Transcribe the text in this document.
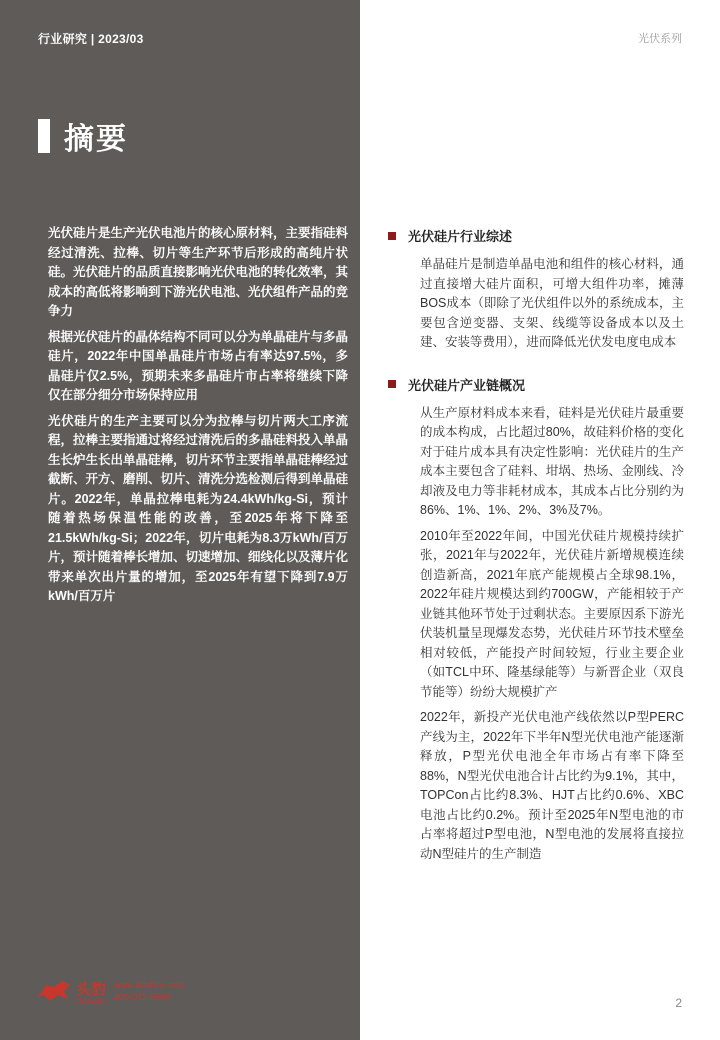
行业研究 | 2023/03	光伏系列
摘要

光伏硅片是生产光伏电池片的核心原材料，主要指硅料经过清洗、拉棒、切片等生产环节后形成的高纯片状硅。光伏硅片的品质直接影响光伏电池的转化效率，其成本的高低将影响到下游光伏电池、光伏组件产品的竞争力

根据光伏硅片的晶体结构不同可以分为单晶硅片与多晶硅片，2022年中国单晶硅片市场占有率达97.5%，多晶硅片仅2.5%，预期未来多晶硅片市占率将继续下降仅在部分细分市场保持应用

光伏硅片的生产主要可以分为拉棒与切片两大工序流程，拉棒主要指通过将经过清洗后的多晶硅料投入单晶生长炉生长出单晶硅棒，切片环节主要指单晶硅棒经过截断、开方、磨削、切片、清洗分选检测后得到单晶硅片。2022年，单晶拉棒电耗为24.4kWh/kg-Si，预计随着热场保温性能的改善，至2025年将下降至21.5kWh/kg-Si；2022年，切片电耗为8.3万kWh/百万片，预计随着棒长增加、切速增加、细线化以及薄片化带来单次出片量的增加，至2025年有望下降到7.9万kWh/百万片

光伏硅片行业综述

单晶硅片是制造单晶电池和组件的核心材料，通过直接增大硅片面积，可增大组件功率，摊薄BOS成本（即除了光伏组件以外的系统成本，主要包含逆变器、支架、线缆等设备成本以及土建、安装等费用），进而降低光伏发电度电成本

光伏硅片产业链概况

从生产原材料成本来看，硅料是光伏硅片最重要的成本构成，占比超过80%，故硅料价格的变化对于硅片成本具有决定性影响：光伏硅片的生产成本主要包含了硅料、坩埚、热场、金刚线、冷却液及电力等非耗材成本，其成本占比分别约为86%、1%、1%、2%、3%及7%。

2010年至2022年间，中国光伏硅片规模持续扩张，2021年与2022年，光伏硅片新增规模连续创造新高，2021年底产能规模占全球98.1%，2022年硅片规模达到约700GW，产能相较于产业链其他环节处于过剩状态。主要原因系下游光伏装机量呈现爆发态势，光伏硅片环节技术壁垒相对较低，产能投产时间较短，行业主要企业（如TCL中环、隆基绿能等）与新晋企业（双良节能等）纷纷大规模扩产

2022年，新投产光伏电池产线依然以P型PERC产线为主，2022年下半年N型光伏电池产能逐渐释放，P型光伏电池全年市场占有率下降至88%，N型光伏电池合计占比约为9.1%，其中，TOPCon占比约8.3%、HJT占比约0.6%、XBC电池占比约0.2%。预计至2025年N型电池的市占率将超过P型电池，N型电池的发展将直接拉动N型硅片的生产制造

头豹
LEADLEO
www.leadleo.com
400-072-5588	2
